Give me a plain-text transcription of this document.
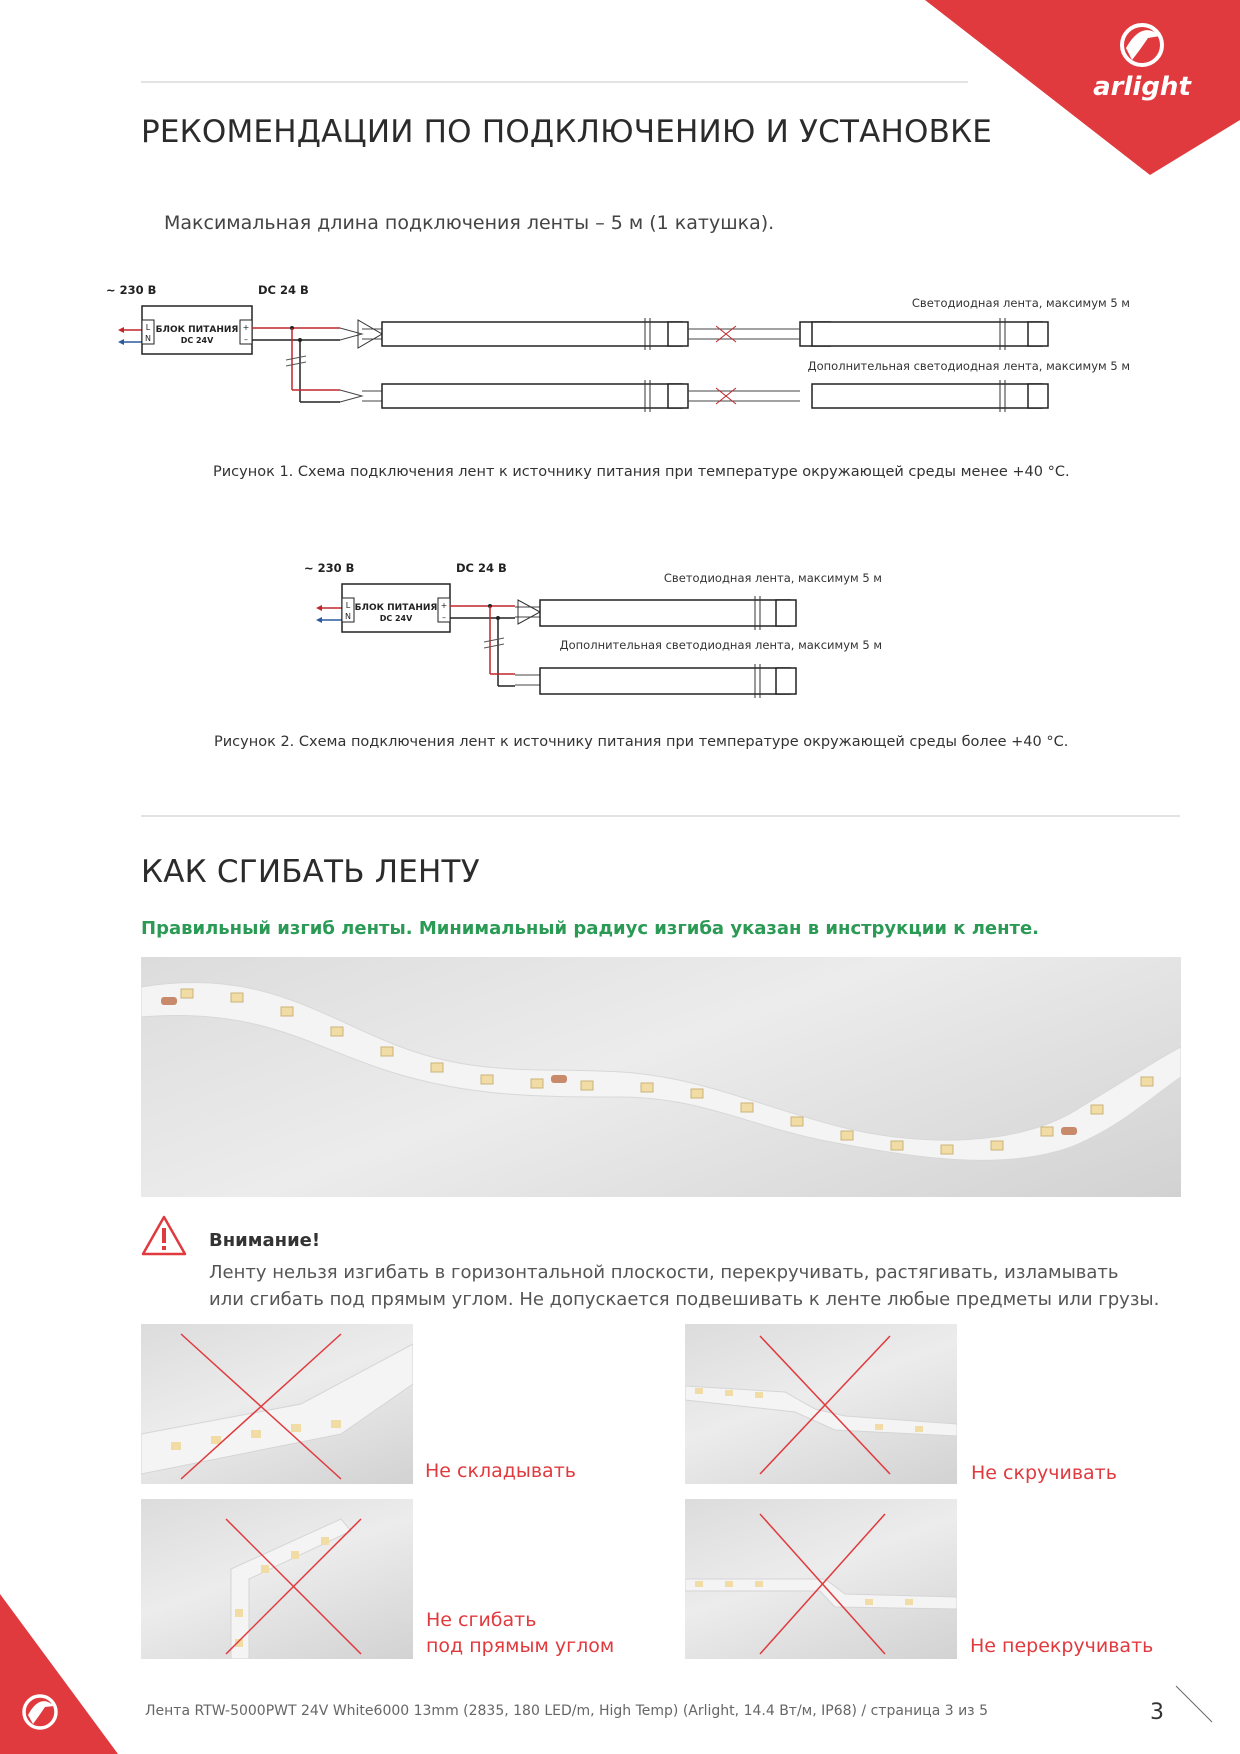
arlight
РЕКОМЕНДАЦИИ ПО ПОДКЛЮЧЕНИЮ И УСТАНОВКЕ
Максимальная длина подключения ленты – 5 м (1 катушка).
~ 230 В	DC 24 В
L
N
+
–
БЛОК ПИТАНИЯ
DC 24V
Светодиодная лента, максимум 5 м
Дополнительная светодиодная лента, максимум 5 м
Рисунок 1. Схема подключения лент к источнику питания при температуре окружающей среды менее +40 °С.
~ 230 В	DC 24 В
L
N
+
–
БЛОК ПИТАНИЯ
DC 24V
Светодиодная лента, максимум 5 м
Дополнительная светодиодная лента, максимум 5 м
Рисунок 2. Схема подключения лент к источнику питания при температуре окружающей среды более +40 °С.
КАК СГИБАТЬ ЛЕНТУ
Правильный изгиб ленты. Минимальный радиус изгиба указан в инструкции к ленте.
Внимание!
Ленту нельзя изгибать в горизонтальной плоскости, перекручивать, растягивать, изламывать
или сгибать под прямым углом. Не допускается подвешивать к ленте любые предметы или грузы.
Не складывать	Не скручивать
Не сгибать
под прямым углом	Не перекручивать
Лента RTW-5000PWT 24V White6000 13mm (2835, 180 LED/m, High Temp) (Arlight, 14.4 Вт/м, IP68) / страница 3 из 5	3
